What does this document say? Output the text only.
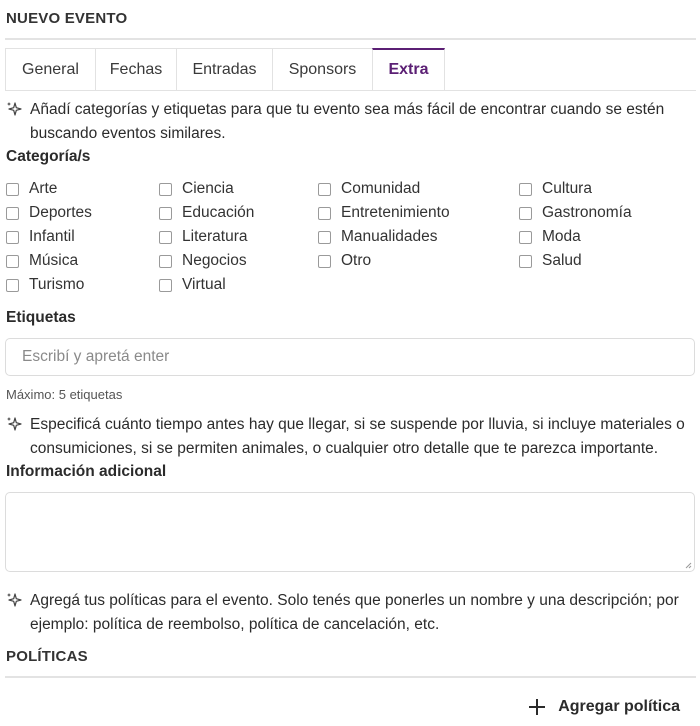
NUEVO EVENTO
General	Fechas	Entradas	Sponsors	Extra
Añadí categorías y etiquetas para que tu evento sea más fácil de encontrar cuando se estén buscando eventos similares.
Categoría/s
Arte	Ciencia	Comunidad	Cultura
Deportes	Educación	Entretenimiento	Gastronomía
Infantil	Literatura	Manualidades	Moda
Música	Negocios	Otro	Salud
Turismo	Virtual
Etiquetas
Escribí y apretá enter
Máximo: 5 etiquetas
Especificá cuánto tiempo antes hay que llegar, si se suspende por lluvia, si incluye materiales o consumiciones, si se permiten animales, o cualquier otro detalle que te parezca importante.
Información adicional
Agregá tus políticas para el evento. Solo tenés que ponerles un nombre y una descripción; por ejemplo: política de reembolso, política de cancelación, etc.
POLÍTICAS
Agregar política
